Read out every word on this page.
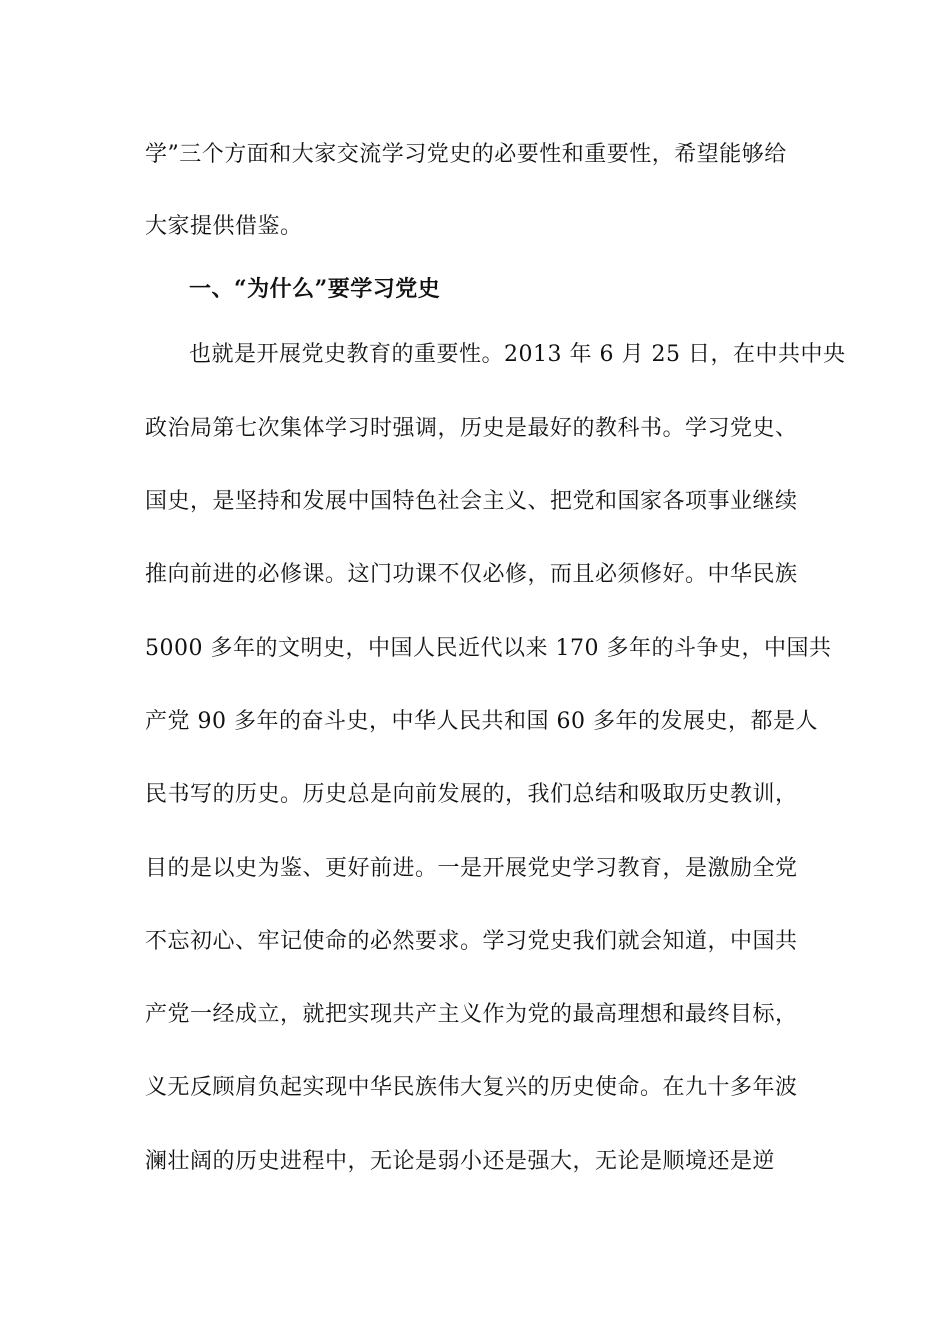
学”三个方面和大家交流学习党史的必要性和重要性，希望能够给
大家提供借鉴。
一、“为什么”要学习党史
也就是开展党史教育的重要性。2013 年 6 月 25 日，在中共中央
政治局第七次集体学习时强调，历史是最好的教科书。学习党史、
国史，是坚持和发展中国特色社会主义、把党和国家各项事业继续
推向前进的必修课。这门功课不仅必修，而且必须修好。中华民族
5000 多年的文明史，中国人民近代以来 170 多年的斗争史，中国共
产党 90 多年的奋斗史，中华人民共和国 60 多年的发展史，都是人
民书写的历史。历史总是向前发展的，我们总结和吸取历史教训，
目的是以史为鉴、更好前进。一是开展党史学习教育，是激励全党
不忘初心、牢记使命的必然要求。学习党史我们就会知道，中国共
产党一经成立，就把实现共产主义作为党的最高理想和最终目标，
义无反顾肩负起实现中华民族伟大复兴的历史使命。在九十多年波
澜壮阔的历史进程中，无论是弱小还是强大，无论是顺境还是逆
